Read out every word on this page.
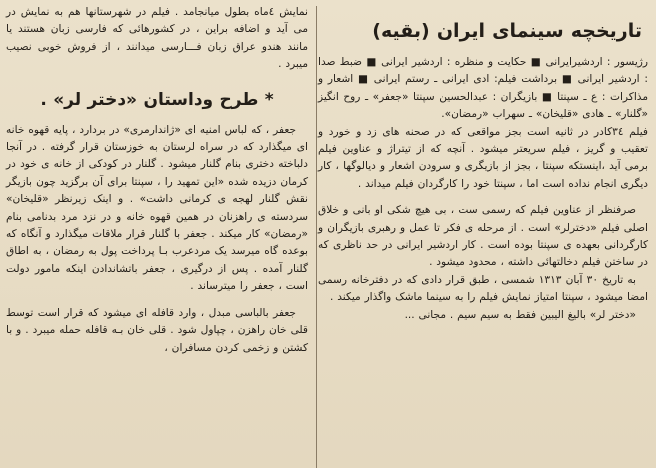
تاریخچه سینمای ایران (بقیه)

رژیسور : اردشیرایرانی ■ حکایت و منظره : اردشیر ایرانی ■ ضبط صدا : اردشیر ایرانی ■ برداشت فیلم: ادی ایرانی ـ رستم ایرانی ■ اشعار و مذاکرات : ع ـ سپنتا ■ بازیگران : عبدالحسین سپنتا «جعفر» ـ روح انگیز «گلنار» ـ هادی «قلیخان» ـ سهراب «رمضان».

فیلم ٣٤کادر در ثانیه است بجز مواقعی که در صحنه های زد و خورد و تعقیب و گریز ، فیلم سریعتر میشود . آنچه که از تیتراژ و عناوین فیلم برمی آید ،اینستکه سپنتا ، بجز از بازیگری و سرودن اشعار و دیالوگها ، کار دیگری انجام نداده است اما ، سپنتا خود را کارگردان فیلم میداند .

صرفنظر از عناوین فیلم که رسمی ست ، بی هیچ شکی او بانی و خلاق اصلی فیلم «دخترلر» است . از مرحله ی فکر تا عمل و رهبری بازیگران و کارگردانی بعهده ی سپنتا بوده است . کار اردشیر ایرانی در حد ناظری که در ساختن فیلم دخالتهائی داشته ، محدود میشود .

به تاریخ ٣۰ آبان ١٣١٣ شمسی ، طبق قرار دادی که در دفترخانه رسمی امضا میشود ، سپنتا امتیاز نمایش فیلم را به سینما ماشک واگذار میکند .

«دختر لر» بالیغ الیبین فقط به سیم سیم . مجانی ...

نمایش ٤ماه بطول میانجامد . فیلم در شهرستانها هم به نمایش در می آید و اضافه براین ، در کشورهائی که فارسی زبان هستند یا مانند هندو عراق زبان فـــارسی میدانند ، از فروش خوبی نصیب میبرد .

* طرح وداستان «دختر لر» .

جعفر ، که لباس امنیه ای «ژاندارمری» در بردارد ، پایه قهوه خانه ای میگذارد که در سراه لرستان به خوزستان قرار گرفته . در آنجا دلباخته دختری بنام گلنار میشود . گلنار در کودکی از خانه ی خود در کرمان دزیده شده «این تمهید را ، سپنتا برای آن برگزید چون بازیگر نقش گلنار لهجه ی کرمانی داشت» . و اینک زیرنظر «قلیخان» سردسته ی راهزنان در همین قهوه خانه و در نزد مرد بدنامی بنام «رمضان» کار میکند . جعفر با گلنار قرار ملاقات میگذارد و آنگاه که بوعده گاه میرسد یک مردعرب بـا پرداخت پول به رمضان ، به اطاق گلنار آمده . پس از درگیری ، جعفر باتشاندادن اینکه مامور دولت است ، جعفر را میترساند .

جعفر بالباسی مبدل ، وارد قافله ای میشود که قرار است توسط قلی خان راهزن ، چپاول شود . قلی خان بـه قافله حمله میبرد . و با کشتن و زخمی کردن مسافران ،
